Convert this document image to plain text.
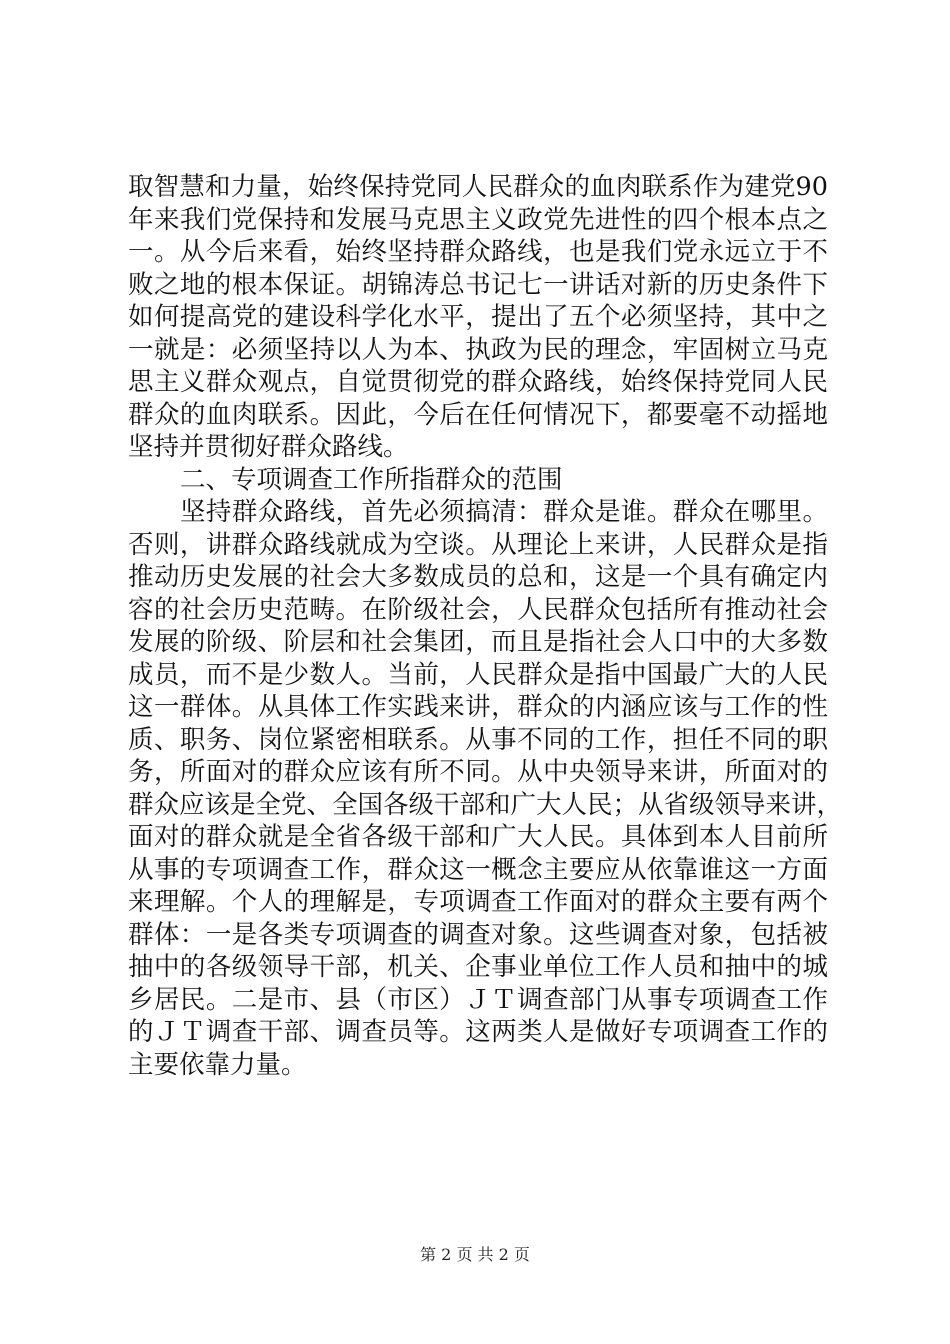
取智慧和力量，始终保持党同人民群众的血肉联系作为建党90
年来我们党保持和发展马克思主义政党先进性的四个根本点之
一。从今后来看，始终坚持群众路线，也是我们党永远立于不
败之地的根本保证。胡锦涛总书记七一讲话对新的历史条件下
如何提高党的建设科学化水平，提出了五个必须坚持，其中之
一就是：必须坚持以人为本、执政为民的理念，牢固树立马克
思主义群众观点，自觉贯彻党的群众路线，始终保持党同人民
群众的血肉联系。因此，今后在任何情况下，都要毫不动摇地
坚持并贯彻好群众路线。
二、专项调查工作所指群众的范围
坚持群众路线，首先必须搞清：群众是谁。群众在哪里。
否则，讲群众路线就成为空谈。从理论上来讲，人民群众是指
推动历史发展的社会大多数成员的总和，这是一个具有确定内
容的社会历史范畴。在阶级社会，人民群众包括所有推动社会
发展的阶级、阶层和社会集团，而且是指社会人口中的大多数
成员，而不是少数人。当前，人民群众是指中国最广大的人民
这一群体。从具体工作实践来讲，群众的内涵应该与工作的性
质、职务、岗位紧密相联系。从事不同的工作，担任不同的职
务，所面对的群众应该有所不同。从中央领导来讲，所面对的
群众应该是全党、全国各级干部和广大人民；从省级领导来讲，
面对的群众就是全省各级干部和广大人民。具体到本人目前所
从事的专项调查工作，群众这一概念主要应从依靠谁这一方面
来理解。个人的理解是，专项调查工作面对的群众主要有两个
群体：一是各类专项调查的调查对象。这些调查对象，包括被
抽中的各级领导干部，机关、企事业单位工作人员和抽中的城
乡居民。二是市、县（市区）ＪＴ调查部门从事专项调查工作
的ＪＴ调查干部、调查员等。这两类人是做好专项调查工作的
主要依靠力量。
第 2 页 共 2 页
